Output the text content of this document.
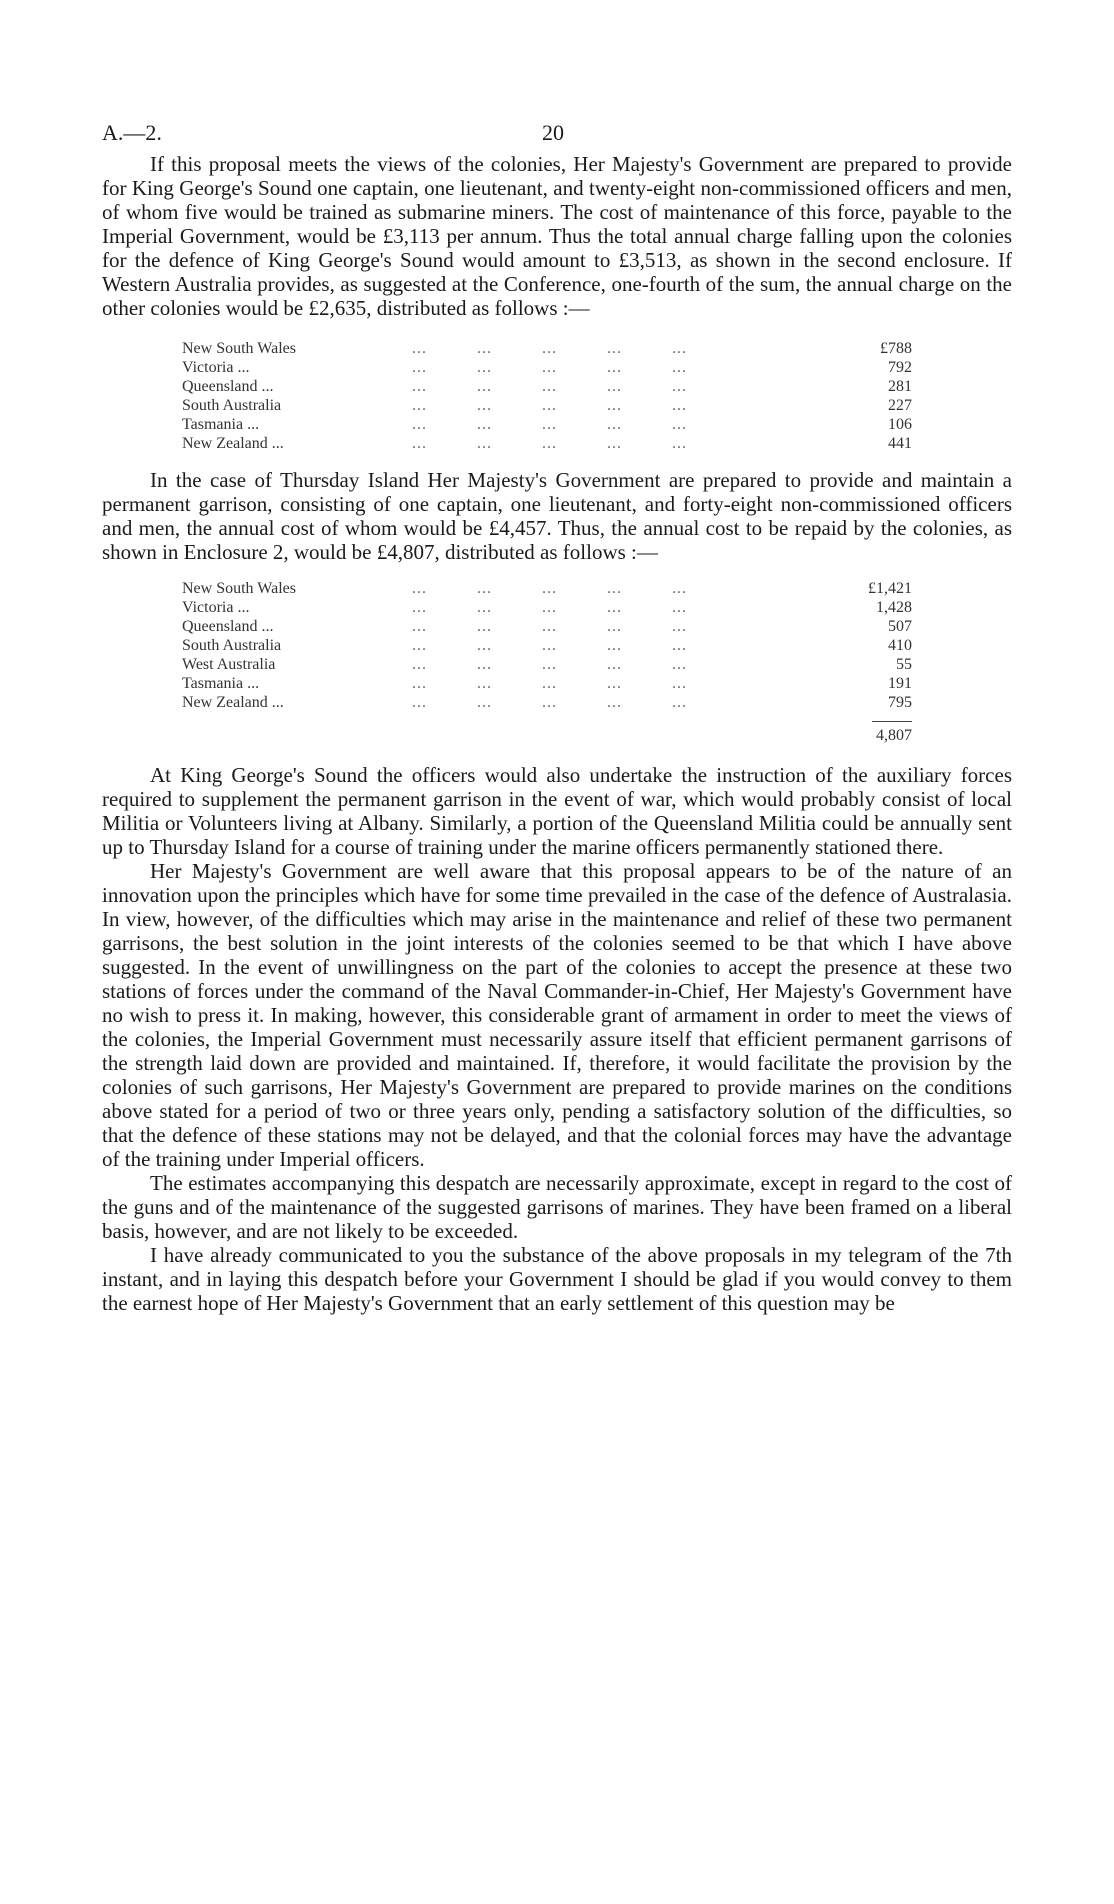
A.—2.	20

If this proposal meets the views of the colonies, Her Majesty's Government are prepared to provide for King George's Sound one captain, one lieutenant, and twenty-eight non-commissioned officers and men, of whom five would be trained as submarine miners. The cost of maintenance of this force, payable to the Imperial Government, would be £3,113 per annum. Thus the total annual charge falling upon the colonies for the defence of King George's Sound would amount to £3,513, as shown in the second enclosure. If Western Australia provides, as suggested at the Conference, one-fourth of the sum, the annual charge on the other colonies would be £2,635, distributed as follows :—

New South Wales	...          ...          ...          ...          ...	£788
Victoria ...	...          ...          ...          ...          ...	792
Queensland ...	...          ...          ...          ...          ...	281
South Australia	...          ...          ...          ...          ...	227
Tasmania ...	...          ...          ...          ...          ...	106
New Zealand ...	...          ...          ...          ...          ...	441

In the case of Thursday Island Her Majesty's Government are prepared to provide and maintain a permanent garrison, consisting of one captain, one lieutenant, and forty-eight non-commissioned officers and men, the annual cost of whom would be £4,457. Thus, the annual cost to be repaid by the colonies, as shown in Enclosure 2, would be £4,807, distributed as follows :—

New South Wales	...          ...          ...          ...          ...	£1,421
Victoria ...	...          ...          ...          ...          ...	1,428
Queensland ...	...          ...          ...          ...          ...	507
South Australia	...          ...          ...          ...          ...	410
West Australia	...          ...          ...          ...          ...	55
Tasmania ...	...          ...          ...          ...          ...	191
New Zealand ...	...          ...          ...          ...          ...	795
4,807

At King George's Sound the officers would also undertake the instruction of the auxiliary forces required to supplement the permanent garrison in the event of war, which would probably consist of local Militia or Volunteers living at Albany. Similarly, a portion of the Queensland Militia could be annually sent up to Thursday Island for a course of training under the marine officers permanently stationed there.

Her Majesty's Government are well aware that this proposal appears to be of the nature of an innovation upon the principles which have for some time prevailed in the case of the defence of Australasia. In view, however, of the difficulties which may arise in the maintenance and relief of these two permanent garrisons, the best solution in the joint interests of the colonies seemed to be that which I have above suggested. In the event of unwillingness on the part of the colonies to accept the presence at these two stations of forces under the command of the Naval Commander-in-Chief, Her Majesty's Government have no wish to press it. In making, however, this considerable grant of armament in order to meet the views of the colonies, the Imperial Government must necessarily assure itself that efficient permanent garrisons of the strength laid down are provided and maintained. If, therefore, it would facilitate the provision by the colonies of such garrisons, Her Majesty's Government are prepared to provide marines on the conditions above stated for a period of two or three years only, pending a satisfactory solution of the difficulties, so that the defence of these stations may not be delayed, and that the colonial forces may have the advantage of the training under Imperial officers.

The estimates accompanying this despatch are necessarily approximate, except in regard to the cost of the guns and of the maintenance of the suggested garrisons of marines. They have been framed on a liberal basis, however, and are not likely to be exceeded.

I have already communicated to you the substance of the above proposals in my telegram of the 7th instant, and in laying this despatch before your Government I should be glad if you would convey to them the earnest hope of Her Majesty's Government that an early settlement of this question may be
